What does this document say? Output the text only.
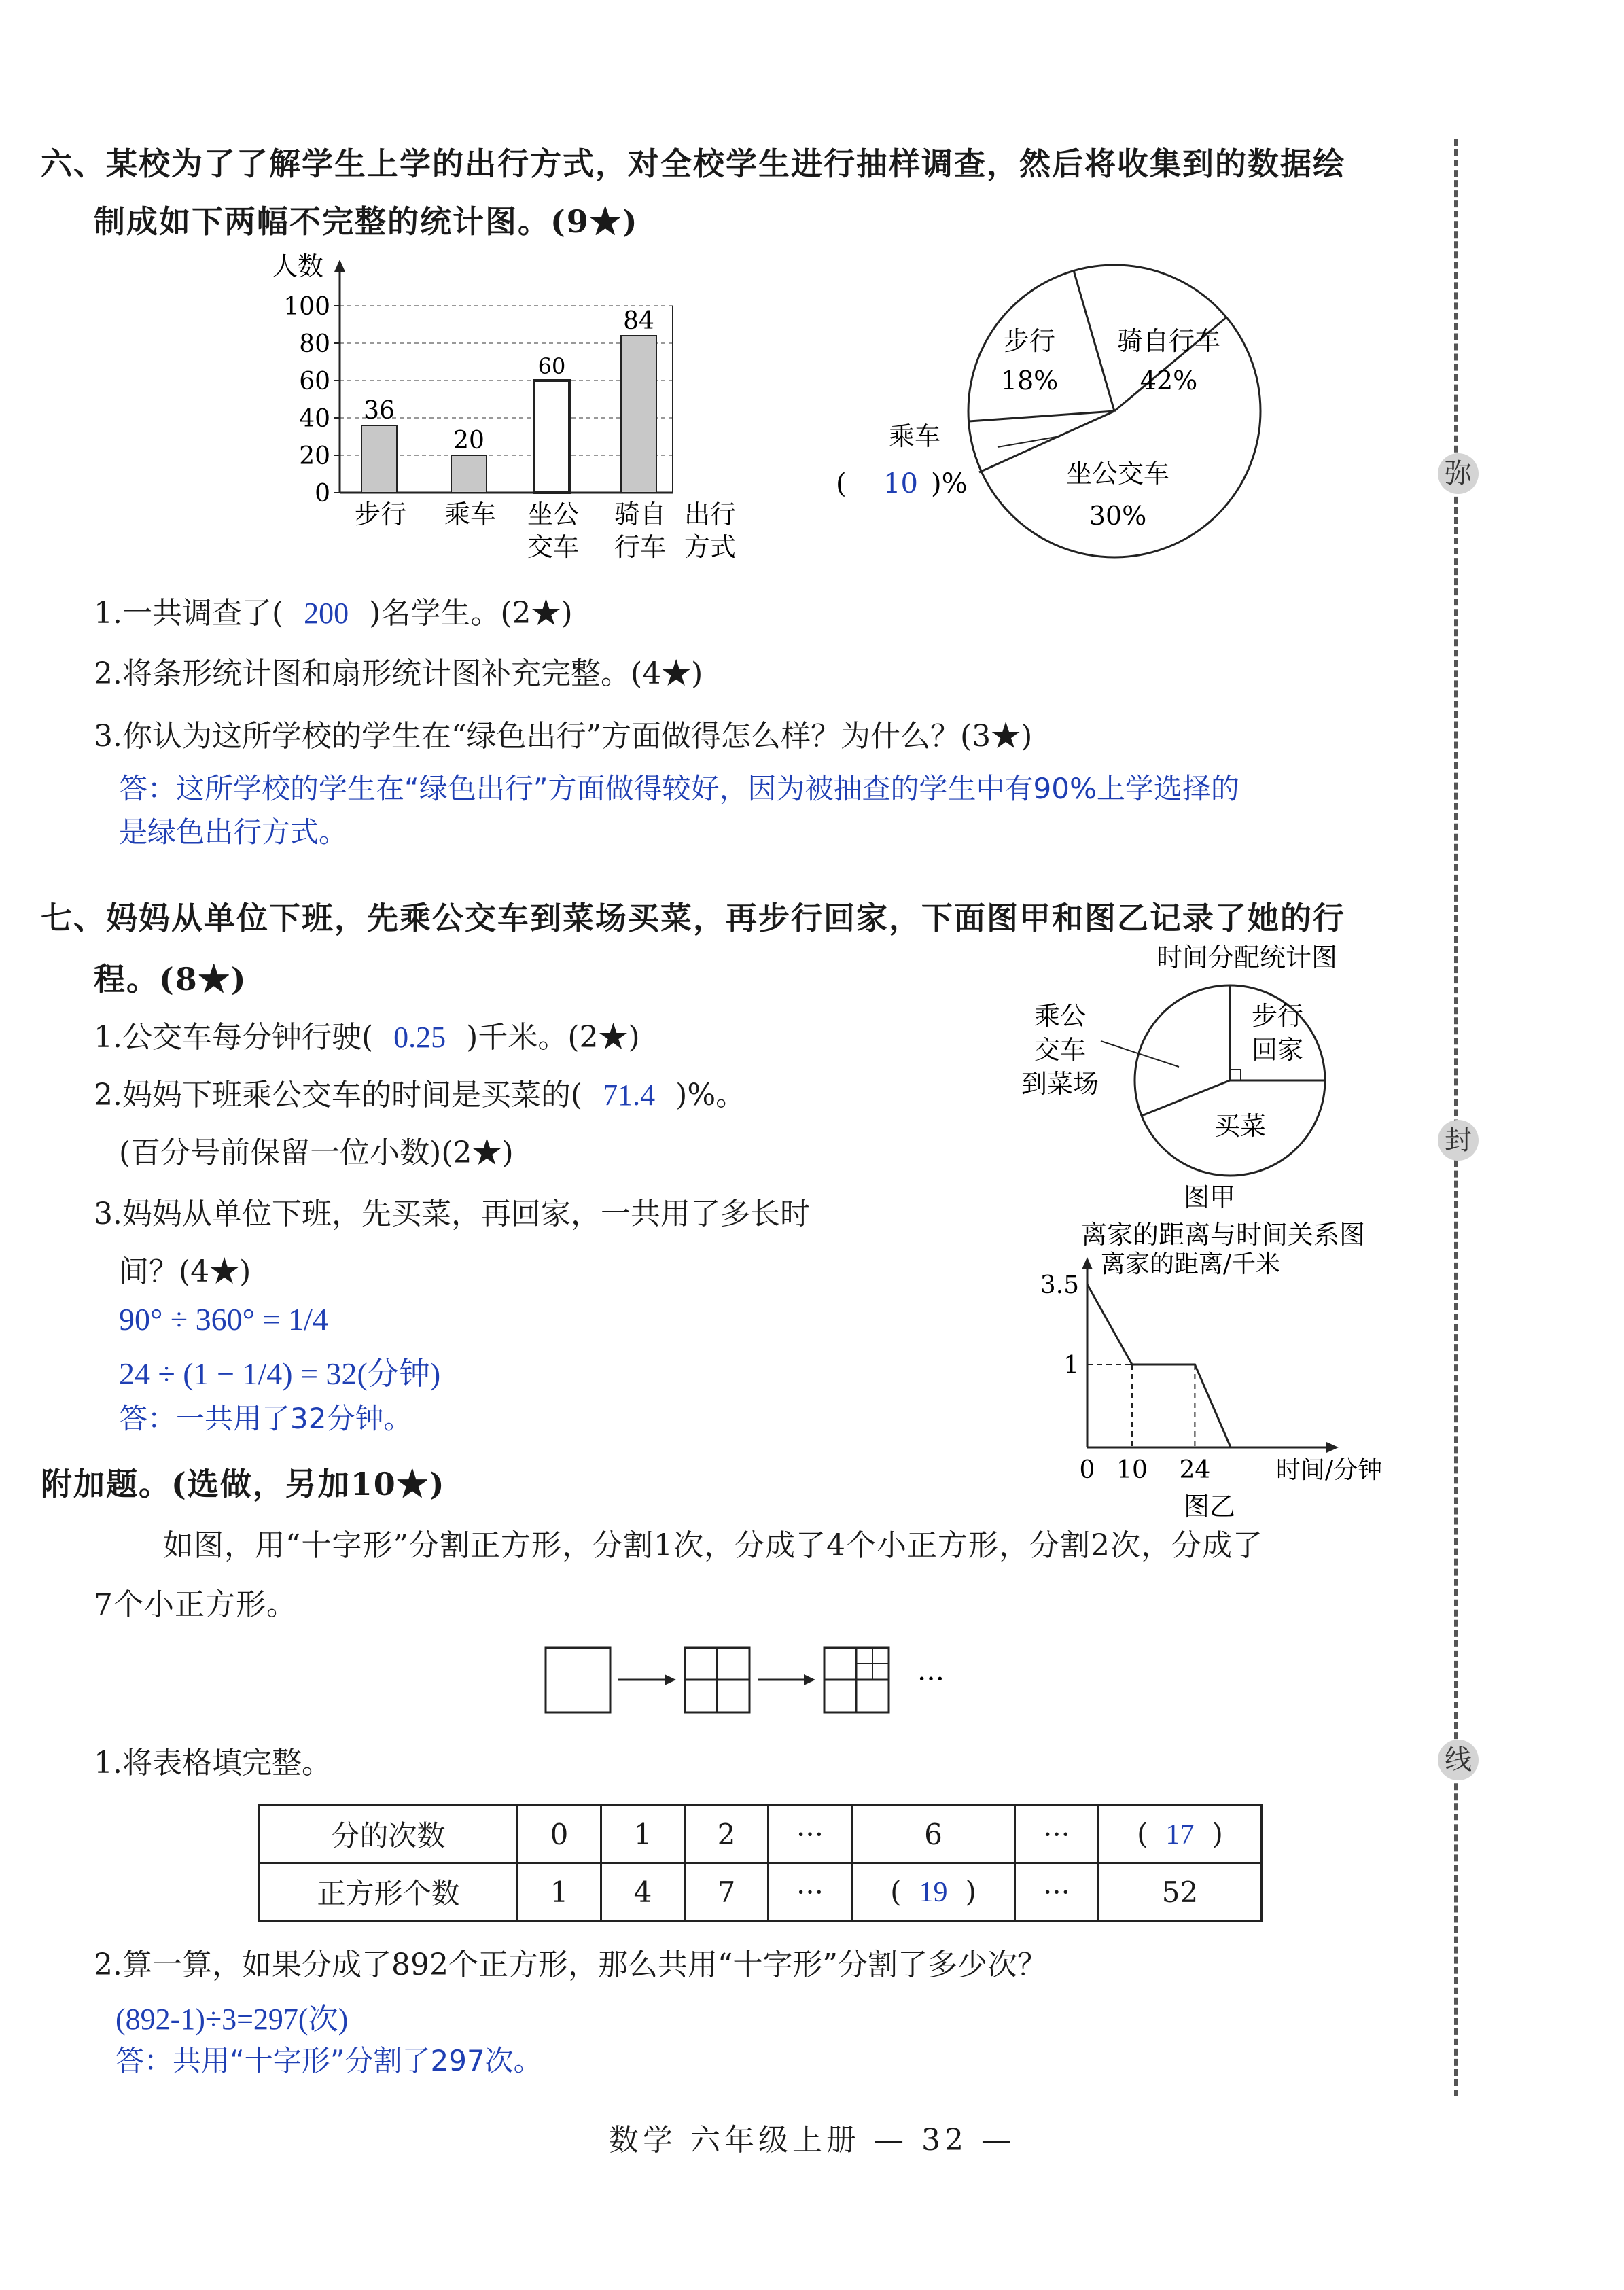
弥
封
线
六、某校为了了解学生上学的出行方式，对全校学生进行抽样调查，然后将收集到的数据绘
制成如下两幅不完整的统计图。(9★)
人数
0
20
40
60
80
100
36
20
60
84
步行 乘车 坐公
交车
骑自
行车
出行
方式
步行
18%
骑自行车
42%
坐公交车
30%
乘车
( 10 )%
1.一共调查了( 200 )名学生。(2★)
2.将条形统计图和扇形统计图补充完整。(4★)
3.你认为这所学校的学生在“绿色出行”方面做得怎么样？为什么？(3★)
答：这所学校的学生在“绿色出行”方面做得较好，因为被抽查的学生中有90%上学选择的
是绿色出行方式。
七、妈妈从单位下班，先乘公交车到菜场买菜，再步行回家，下面图甲和图乙记录了她的行
程。(8★)
1.公交车每分钟行驶( 0.25 )千米。(2★)
2.妈妈下班乘公交车的时间是买菜的( 71.4 )%。
(百分号前保留一位小数)(2★)
3.妈妈从单位下班，先买菜，再回家，一共用了多长时
间？(4★)
90° ÷ 360° = 1/4
24 ÷ (1 − 1/4) = 32(分钟)
答：一共用了32分钟。
时间分配统计图
乘公
交车
到菜场
步行
回家
买菜
图甲
离家的距离与时间关系图
离家的距离/千米
时间/分钟
0 10 24
3.5
1
图乙
附加题。(选做，另加10★)
如图，用“十字形”分割正方形，分割1次，分成了4个小正方形，分割2次，分成了
7个小正方形。
···
1.将表格填完整。
分的次数	0	1	2	···	6	···	( 17 )
正方形个数	1	4	7	···	( 19 )	···	52
2.算一算，如果分成了892个正方形，那么共用“十字形”分割了多少次？
(892-1)÷3=297(次)
答：共用“十字形”分割了297次。
数学 六年级上册 — 32 —
